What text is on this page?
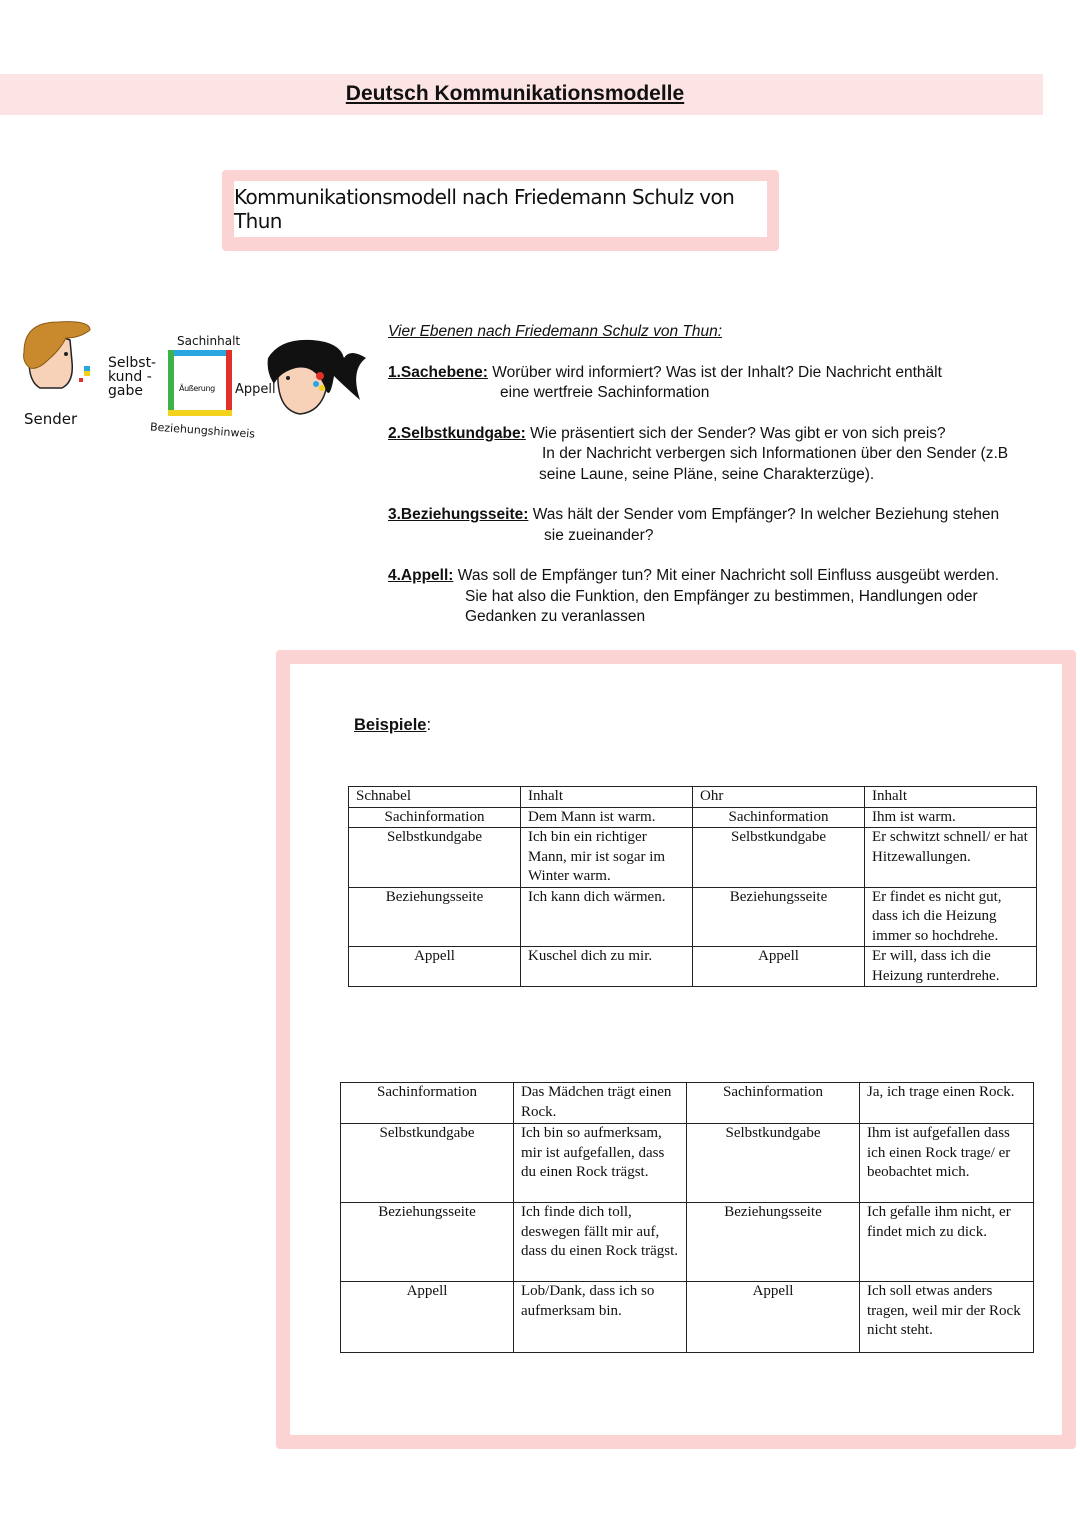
Deutsch Kommunikationsmodelle
Kommunikationsmodell nach Friedemann Schulz von Thun
Sender
Sachinhalt
Selbst-
kund -
gabe	Äußerung Appell
Beziehungshinweis
Vier Ebenen nach Friedemann Schulz von Thun:
1.Sachebene: Worüber wird informiert? Was ist der Inhalt? Die Nachricht enthält
eine wertfreie Sachinformation
2.Selbstkundgabe: Wie präsentiert sich der Sender? Was gibt er von sich preis?
In der Nachricht verbergen sich Informationen über den Sender (z.B
seine Laune, seine Pläne, seine Charakterzüge).
3.Beziehungsseite: Was hält der Sender vom Empfänger? In welcher Beziehung stehen
sie zueinander?
4.Appell: Was soll de Empfänger tun? Mit einer Nachricht soll Einfluss ausgeübt werden.
Sie hat also die Funktion, den Empfänger zu bestimmen, Handlungen oder
Gedanken zu veranlassen
Beispiele:
Schnabel	Inhalt	Ohr	Inhalt
Sachinformation	Dem Mann ist warm.	Sachinformation	Ihm ist warm.
Selbstkundgabe	Ich bin ein richtiger Mann, mir ist sogar im Winter warm.	Selbstkundgabe	Er schwitzt schnell/ er hat Hitzewallungen.
Beziehungsseite	Ich kann dich wärmen.	Beziehungsseite	Er findet es nicht gut, dass ich die Heizung immer so hochdrehe.
Appell	Kuschel dich zu mir.	Appell	Er will, dass ich die Heizung runterdrehe.
Sachinformation	Das Mädchen trägt einen Rock.	Sachinformation	Ja, ich trage einen Rock.
Selbstkundgabe	Ich bin so aufmerksam, mir ist aufgefallen, dass du einen Rock trägst.	Selbstkundgabe	Ihm ist aufgefallen dass ich einen Rock trage/ er beobachtet mich.
Beziehungsseite	Ich finde dich toll, deswegen fällt mir auf, dass du einen Rock trägst.	Beziehungsseite	Ich gefalle ihm nicht, er findet mich zu dick.
Appell	Lob/Dank, dass ich so aufmerksam bin.	Appell	Ich soll etwas anders tragen, weil mir der Rock nicht steht.
